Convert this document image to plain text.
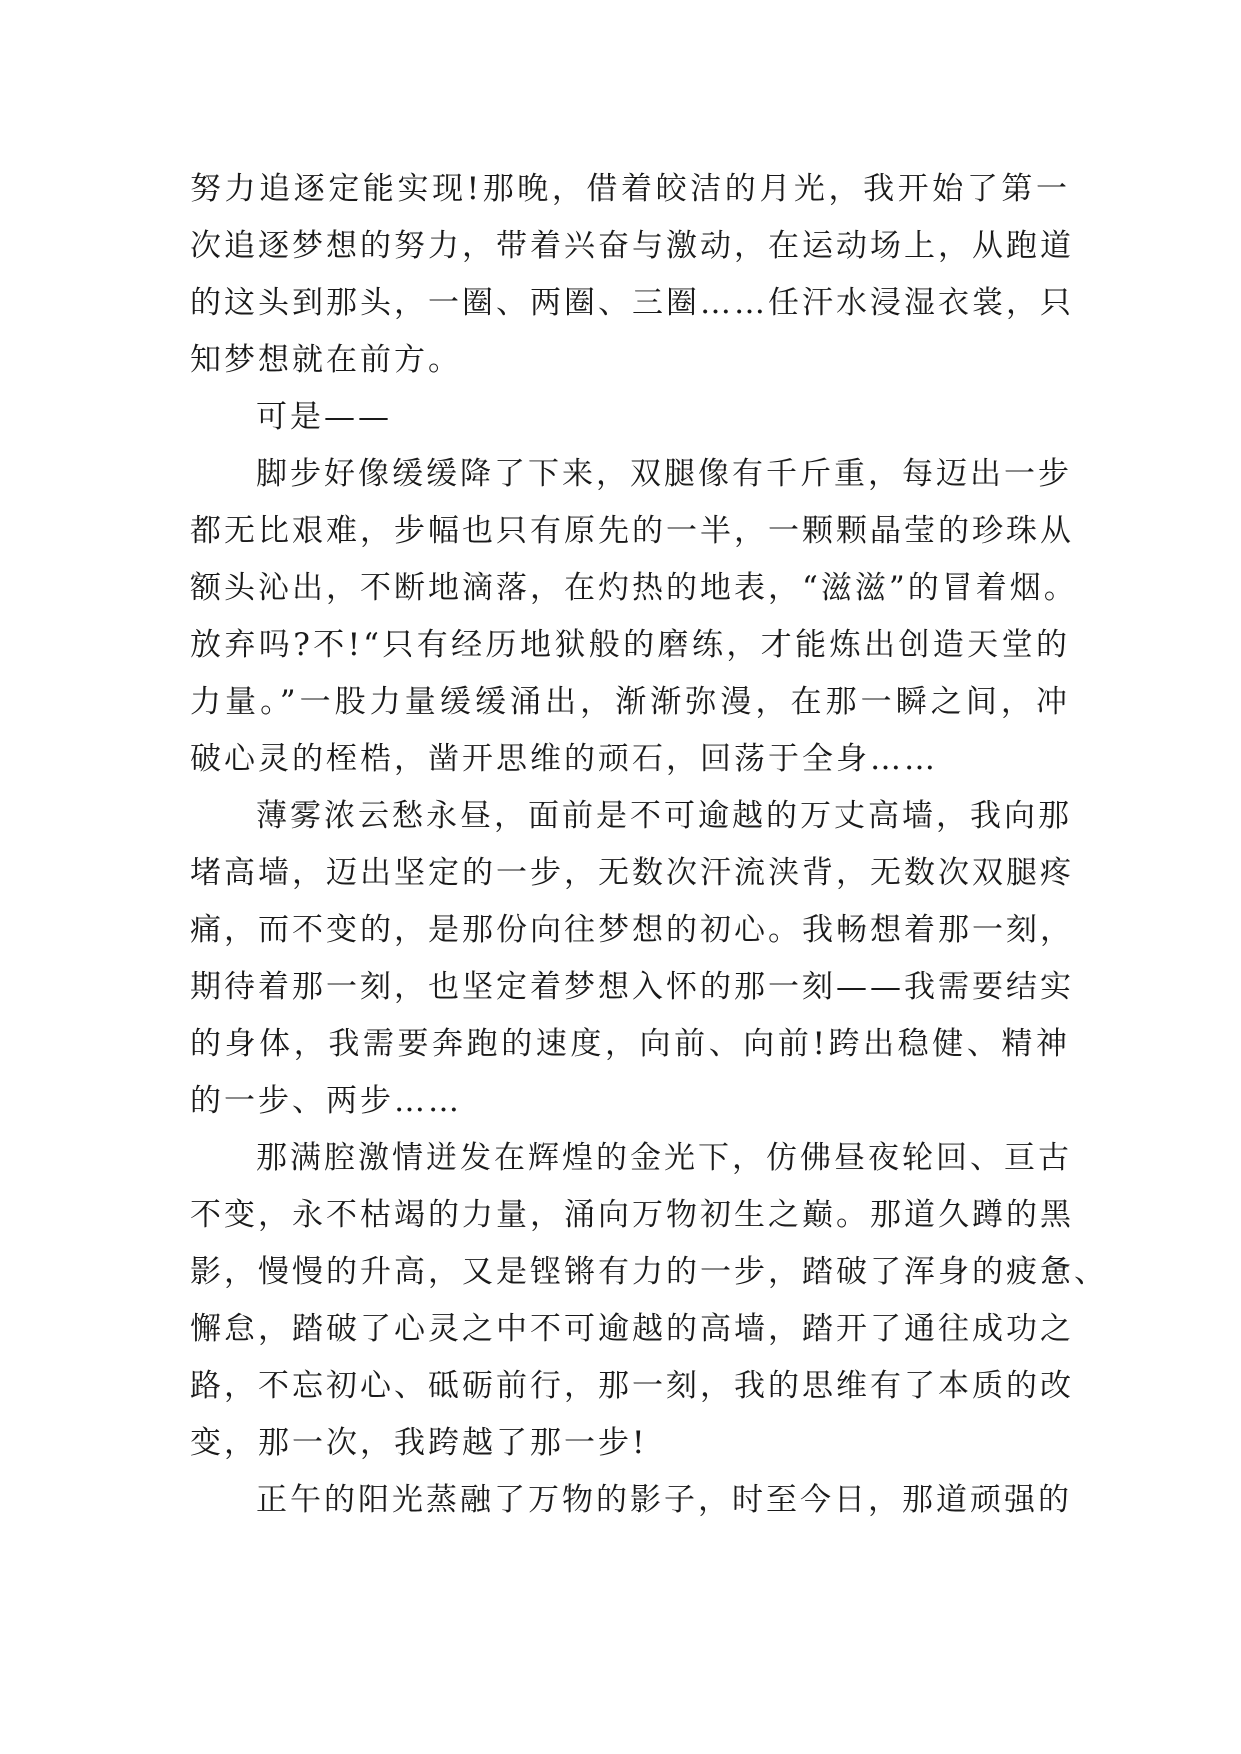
努力追逐定能实现!那晚，借着皎洁的月光，我开始了第一
次追逐梦想的努力，带着兴奋与激动，在运动场上，从跑道
的这头到那头，一圈、两圈、三圈……任汗水浸湿衣裳，只
知梦想就在前方。
可是——
脚步好像缓缓降了下来，双腿像有千斤重，每迈出一步
都无比艰难，步幅也只有原先的一半，一颗颗晶莹的珍珠从
额头沁出，不断地滴落，在灼热的地表，“滋滋”的冒着烟。
放弃吗?不!“只有经历地狱般的磨练，才能炼出创造天堂的
力量。”一股力量缓缓涌出，渐渐弥漫，在那一瞬之间，冲
破心灵的桎梏，凿开思维的顽石，回荡于全身……
薄雾浓云愁永昼，面前是不可逾越的万丈高墙，我向那
堵高墙，迈出坚定的一步，无数次汗流浃背，无数次双腿疼
痛，而不变的，是那份向往梦想的初心。我畅想着那一刻，
期待着那一刻，也坚定着梦想入怀的那一刻——我需要结实
的身体，我需要奔跑的速度，向前、向前!跨出稳健、精神
的一步、两步……
那满腔激情迸发在辉煌的金光下，仿佛昼夜轮回、亘古
不变，永不枯竭的力量，涌向万物初生之巅。那道久蹲的黑
影，慢慢的升高，又是铿锵有力的一步，踏破了浑身的疲惫、
懈怠，踏破了心灵之中不可逾越的高墙，踏开了通往成功之
路，不忘初心、砥砺前行，那一刻，我的思维有了本质的改
变，那一次，我跨越了那一步!
正午的阳光蒸融了万物的影子，时至今日，那道顽强的
